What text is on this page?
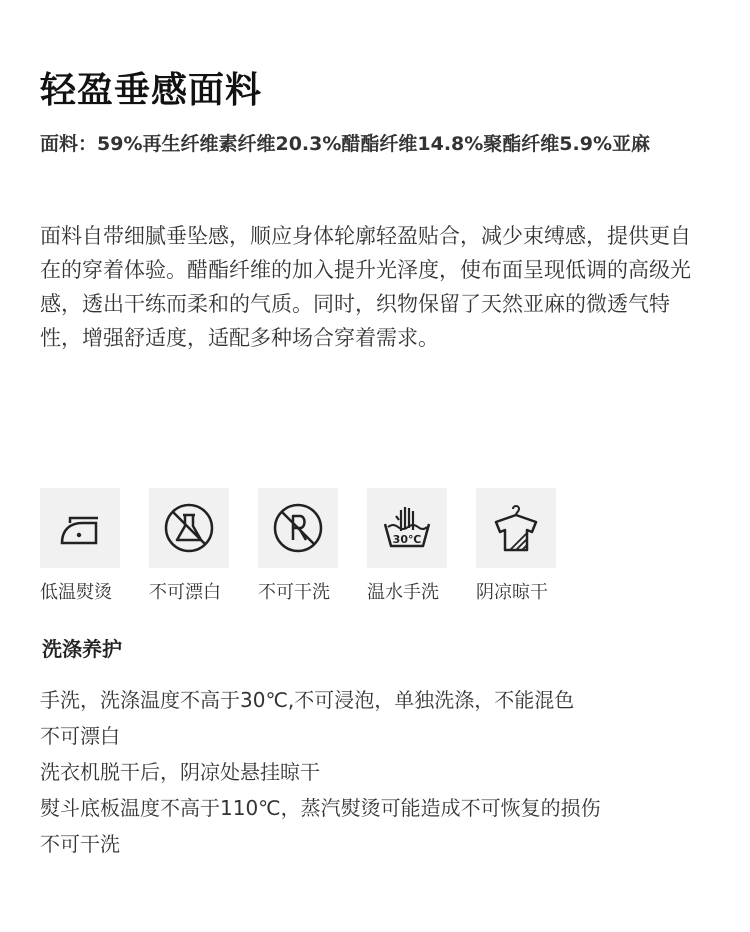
轻盈垂感面料
面料：59%再生纤维素纤维20.3%醋酯纤维14.8%聚酯纤维5.9%亚麻
面料自带细腻垂坠感，顺应身体轮廓轻盈贴合，减少束缚感，提供更自在的穿着体验。醋酯纤维的加入提升光泽度，使布面呈现低调的高级光感，透出干练而柔和的气质。同时，织物保留了天然亚麻的微透气特性，增强舒适度，适配多种场合穿着需求。
低温熨烫 不可漂白 不可干洗
30℃
温水手洗 阴凉晾干
洗涤养护
手洗，洗涤温度不高于30℃,不可浸泡，单独洗涤，不能混色
不可漂白
洗衣机脱干后，阴凉处悬挂晾干
熨斗底板温度不高于110℃，蒸汽熨烫可能造成不可恢复的损伤
不可干洗
